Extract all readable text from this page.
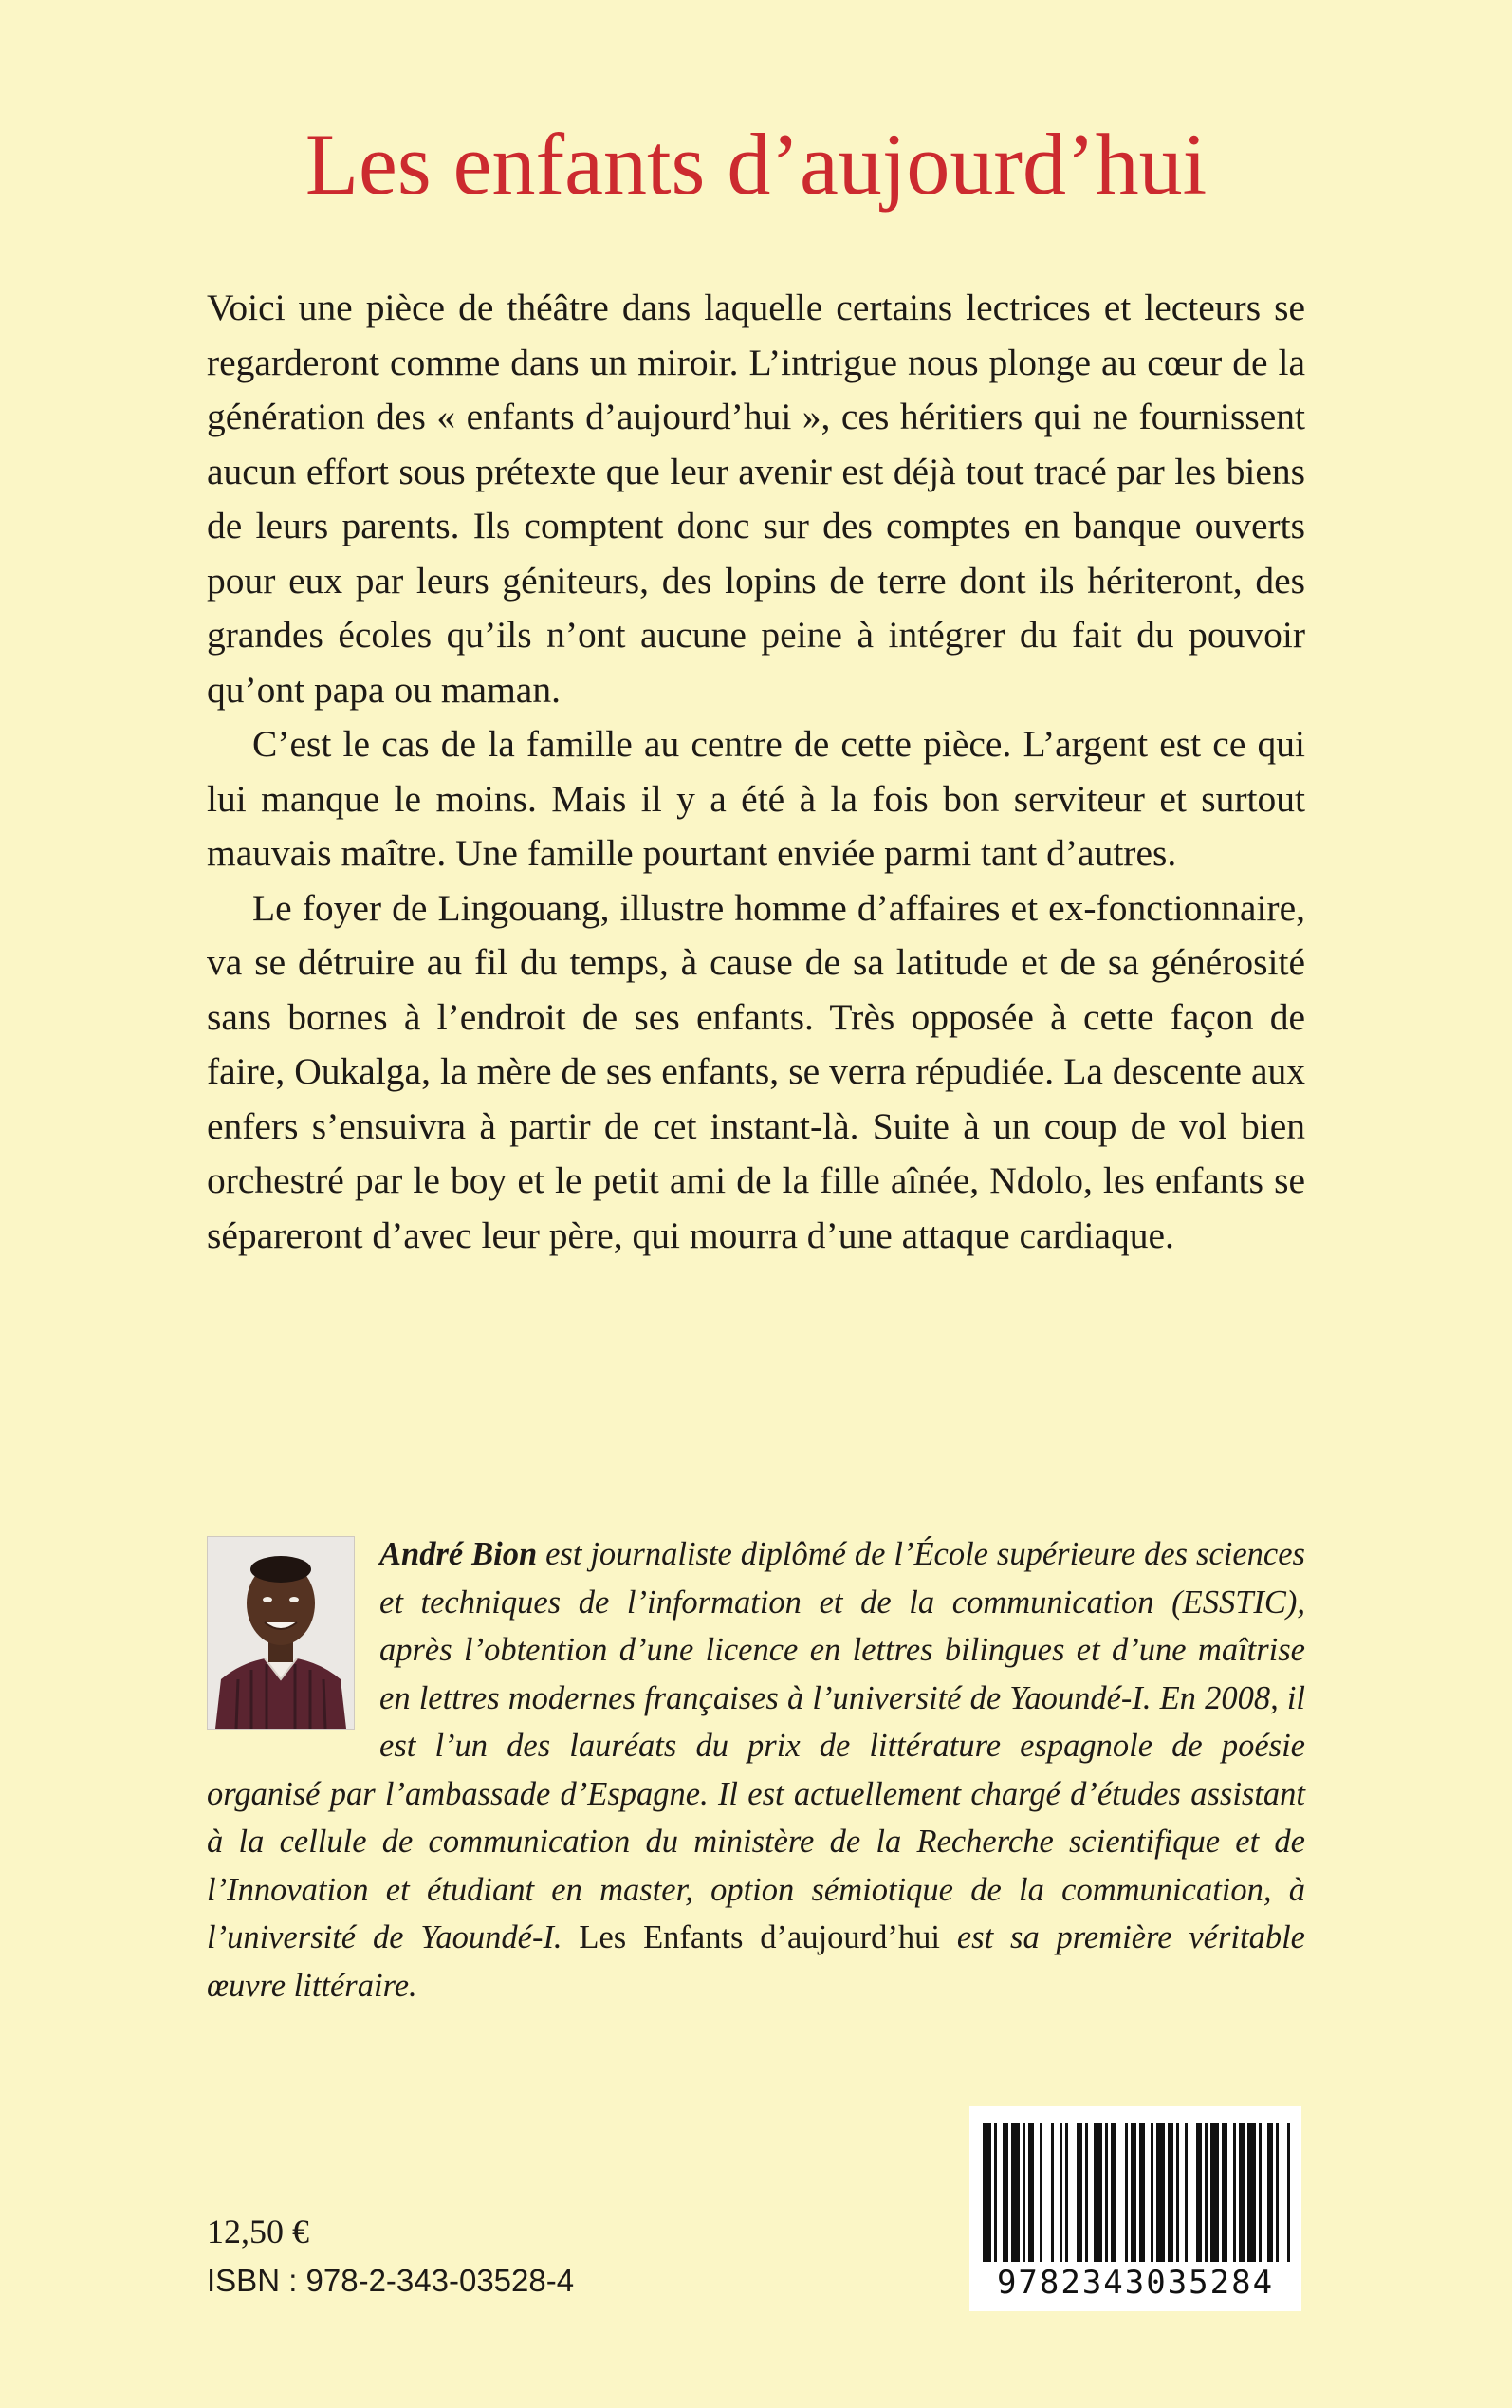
Les enfants d’aujourd’hui

Voici une pièce de théâtre dans laquelle certains lectrices et lecteurs se regarderont comme dans un miroir. L’intrigue nous plonge au cœur de la génération des « enfants d’aujourd’hui », ces héritiers qui ne fournissent aucun effort sous prétexte que leur avenir est déjà tout tracé par les biens de leurs parents. Ils comptent donc sur des comptes en banque ouverts pour eux par leurs géniteurs, des lopins de terre dont ils hériteront, des grandes écoles qu’ils n’ont aucune peine à intégrer du fait du pouvoir qu’ont papa ou maman.

C’est le cas de la famille au centre de cette pièce. L’argent est ce qui lui manque le moins. Mais il y a été à la fois bon serviteur et surtout mauvais maître. Une famille pourtant enviée parmi tant d’autres.

Le foyer de Lingouang, illustre homme d’affaires et ex-fonctionnaire, va se détruire au fil du temps, à cause de sa latitude et de sa générosité sans bornes à l’endroit de ses enfants. Très opposée à cette façon de faire, Oukalga, la mère de ses enfants, se verra répudiée. La descente aux enfers s’ensuivra à partir de cet instant-là. Suite à un coup de vol bien orchestré par le boy et le petit ami de la fille aînée, Ndolo, les enfants se sépareront d’avec leur père, qui mourra d’une attaque cardiaque.

André Bion est journaliste diplômé de l’École supérieure des sciences et techniques de l’information et de la communication (ESSTIC), après l’obtention d’une licence en lettres bilingues et d’une maîtrise en lettres modernes françaises à l’université de Yaoundé-I. En 2008, il est l’un des lauréats du prix de littérature espagnole de poésie organisé par l’ambassade d’Espagne. Il est actuellement chargé d’études assistant à la cellule de communication du ministère de la Recherche scientifique et de l’Innovation et étudiant en master, option sémiotique de la communication, à l’université de Yaoundé-I. Les Enfants d’aujourd’hui est sa première véritable œuvre littéraire.

12,50 €
ISBN : 978-2-343-03528-4	9782343035284
